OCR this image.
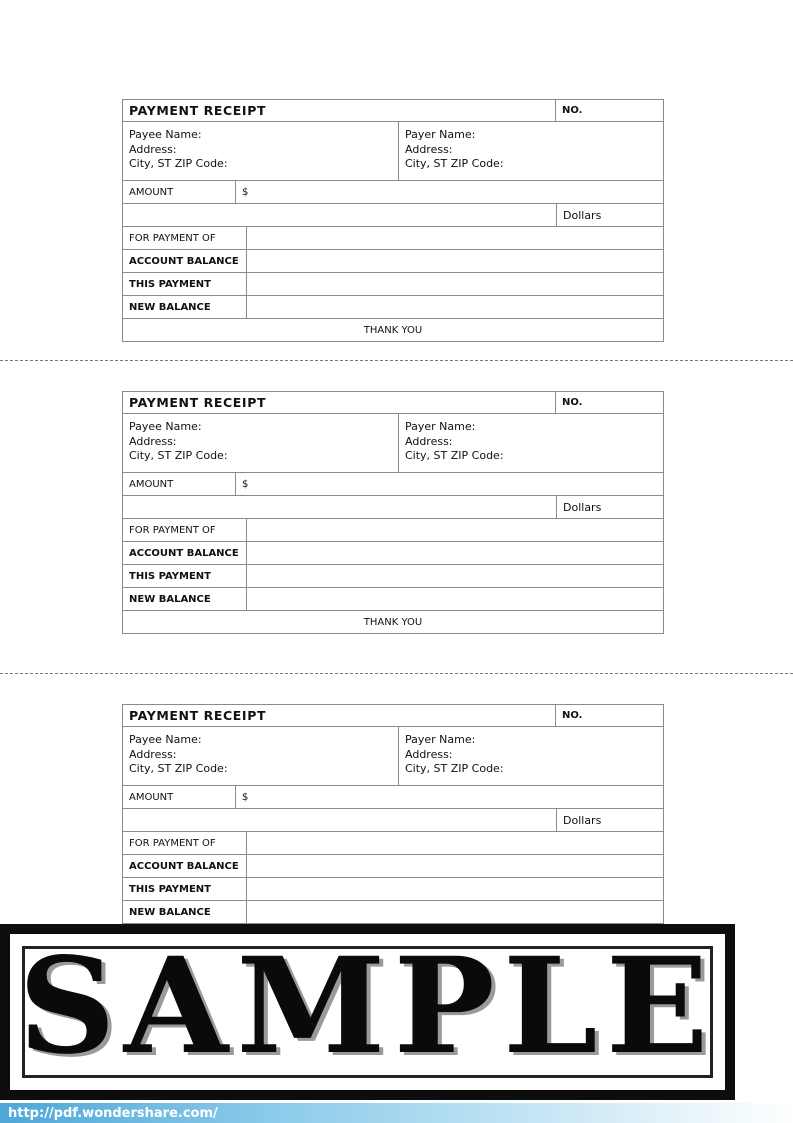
PAYMENT RECEIPT	NO.
Payee Name:
Address:
City, ST ZIP Code:
Payer Name:
Address:
City, ST ZIP Code:
AMOUNT	$
Dollars
FOR PAYMENT OF
ACCOUNT BALANCE
THIS PAYMENT
NEW BALANCE
THANK YOU
PAYMENT RECEIPT	NO.
Payee Name:
Address:
City, ST ZIP Code:
Payer Name:
Address:
City, ST ZIP Code:
AMOUNT	$
Dollars
FOR PAYMENT OF
ACCOUNT BALANCE
THIS PAYMENT
NEW BALANCE
THANK YOU
PAYMENT RECEIPT	NO.
Payee Name:
Address:
City, ST ZIP Code:
Payer Name:
Address:
City, ST ZIP Code:
AMOUNT	$
Dollars
FOR PAYMENT OF
ACCOUNT BALANCE
THIS PAYMENT
NEW BALANCE
SAMPLE
http://pdf.wondershare.com/
